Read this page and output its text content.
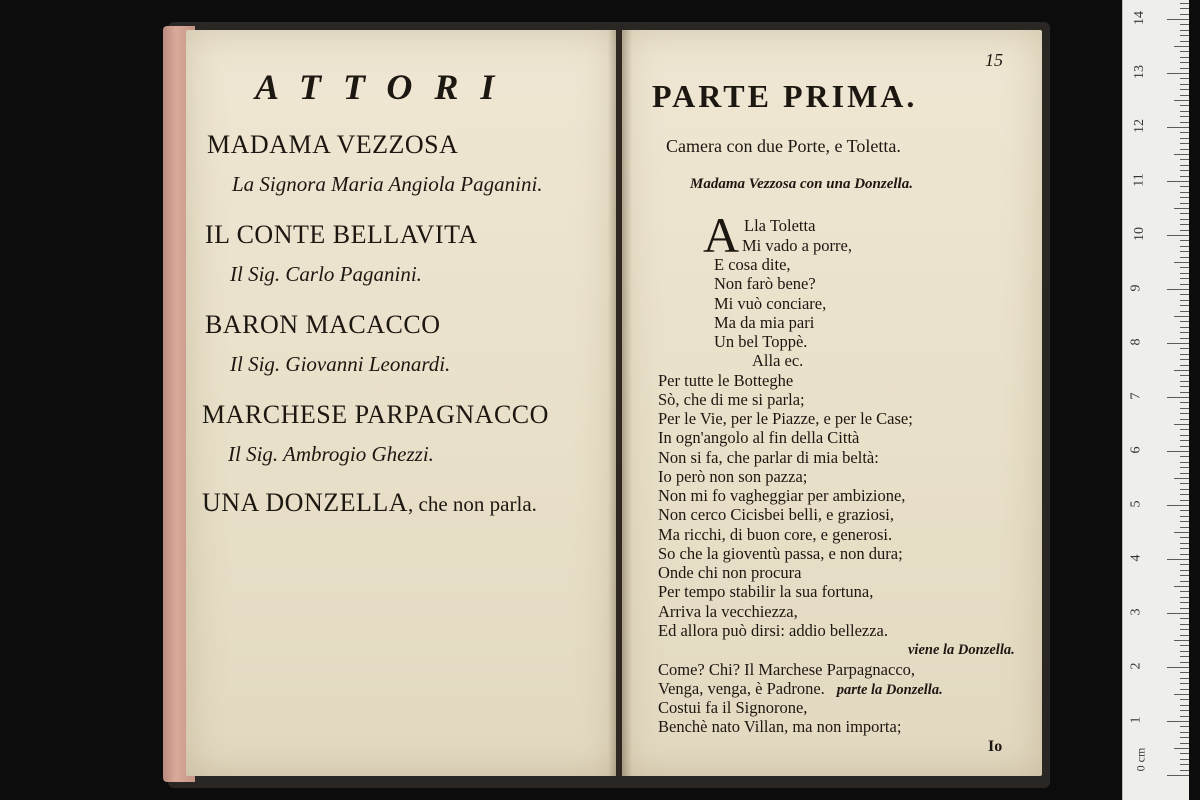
ATTORI
MADAMA VEZZOSA
La Signora Maria Angiola Paganini.
IL CONTE BELLAVITA
Il Sig. Carlo Paganini.
BARON MACACCO
Il Sig. Giovanni Leonardi.
MARCHESE PARPAGNACCO
Il Sig. Ambrogio Ghezzi.
UNA DONZELLA, che non parla.
15
PARTE PRIMA.
Camera con due Porte, e Toletta.
Madama Vezzosa con una Donzella.
A Lla Toletta
Mi vado a porre,
E cosa dite,
Non farò bene?
Mi vuò conciare,
Ma da mia pari
Un bel Toppè.
Alla ec.
Per tutte le Botteghe
Sò, che di me si parla;
Per le Vie, per le Piazze, e per le Case;
In ogn'angolo al fin della Città
Non si fa, che parlar di mia beltà:
Io però non son pazza;
Non mi fo vagheggiar per ambizione,
Non cerco Cicisbei belli, e graziosi,
Ma ricchi, di buon core, e generosi.
So che la gioventù passa, e non dura;
Onde chi non procura
Per tempo stabilir la sua fortuna,
Arriva la vecchiezza,
Ed allora può dirsi: addio bellezza.
viene la Donzella.
Come? Chi? Il Marchese Parpagnacco,
Venga, venga, è Padrone. parte la Donzella.
Costui fa il Signorone,
Benchè nato Villan, ma non importa;
Io
0 cm
1
2
3
4
5
6
7
8
9
10
11
12
13
14
